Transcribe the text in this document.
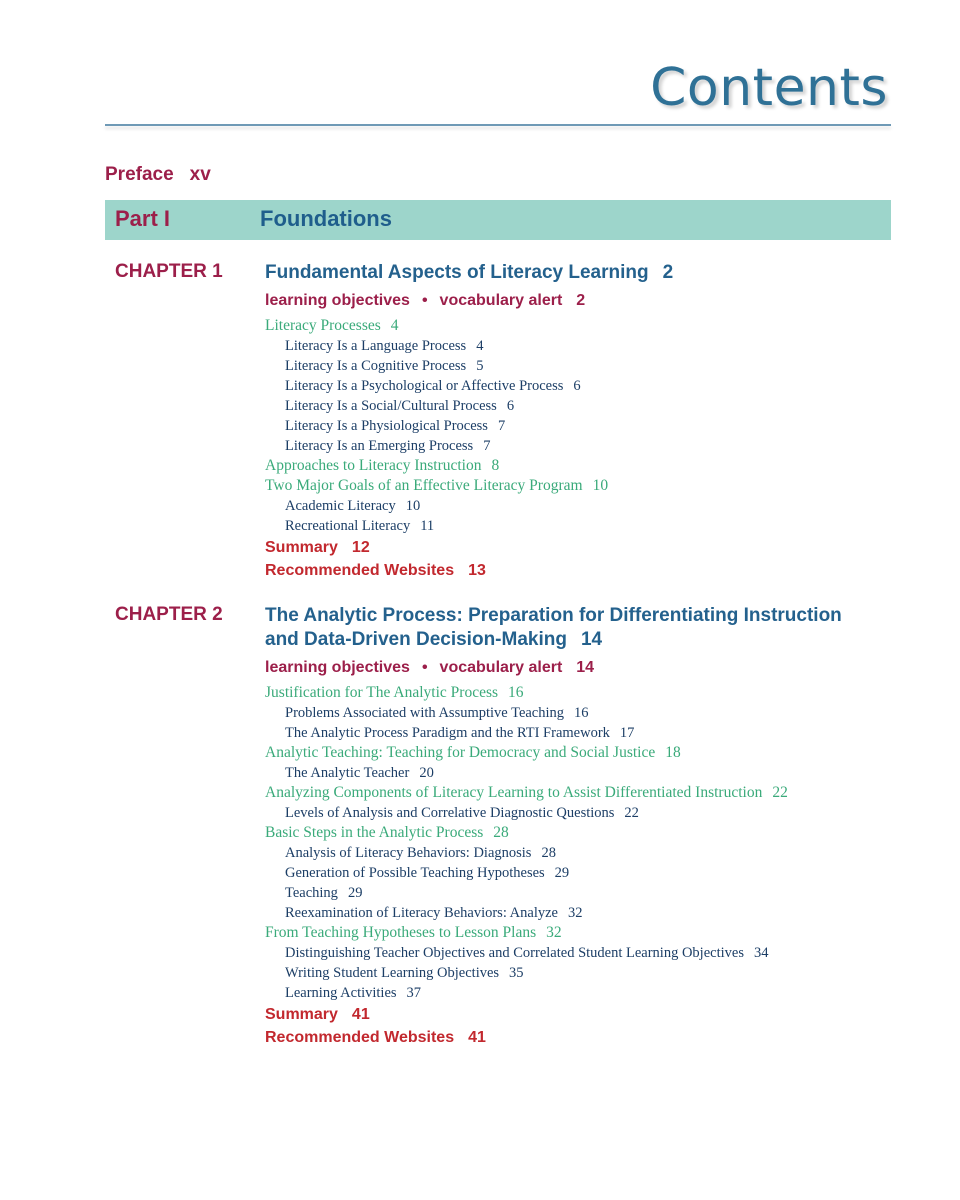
Contents
Preface xv
Part I	Foundations
CHAPTER 1 Fundamental Aspects of Literacy Learning 2
learning objectives • vocabulary alert 2
Literacy Processes 4
Literacy Is a Language Process 4
Literacy Is a Cognitive Process 5
Literacy Is a Psychological or Affective Process 6
Literacy Is a Social/Cultural Process 6
Literacy Is a Physiological Process 7
Literacy Is an Emerging Process 7
Approaches to Literacy Instruction 8
Two Major Goals of an Effective Literacy Program 10
Academic Literacy 10
Recreational Literacy 11
Summary 12
Recommended Websites 13
CHAPTER 2 The Analytic Process: Preparation for Differentiating Instruction
and Data-Driven Decision-Making 14
learning objectives • vocabulary alert 14
Justification for The Analytic Process 16
Problems Associated with Assumptive Teaching 16
The Analytic Process Paradigm and the RTI Framework 17
Analytic Teaching: Teaching for Democracy and Social Justice 18
The Analytic Teacher 20
Analyzing Components of Literacy Learning to Assist Differentiated Instruction 22
Levels of Analysis and Correlative Diagnostic Questions 22
Basic Steps in the Analytic Process 28
Analysis of Literacy Behaviors: Diagnosis 28
Generation of Possible Teaching Hypotheses 29
Teaching 29
Reexamination of Literacy Behaviors: Analyze 32
From Teaching Hypotheses to Lesson Plans 32
Distinguishing Teacher Objectives and Correlated Student Learning Objectives 34
Writing Student Learning Objectives 35
Learning Activities 37
Summary 41
Recommended Websites 41
